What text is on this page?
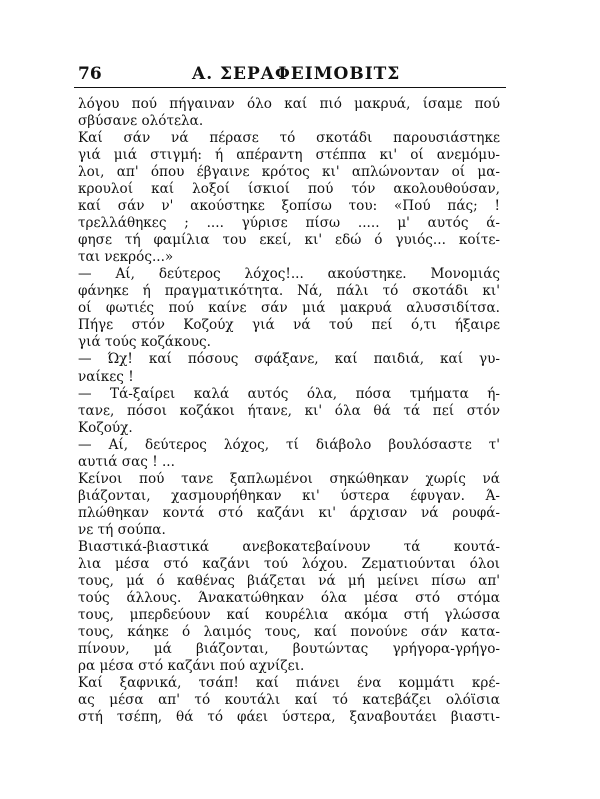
76	Α. ΣΕΡΑΦΕΙΜΟΒΙΤΣ
λόγου πού πήγαιναν όλο καί πιό μακρυά, ίσαμε πού
σβύσανε ολότελα.
Καί σάν νά πέρασε τό σκοτάδι παρουσιάστηκε
γιά μιά στιγμή: ή απέραντη στέππα κι' οί ανεμόμυ-
λοι, απ' όπου έβγαινε κρότος κι' απλώνονταν οί μα-
κρουλοί καί λοξοί ίσκιοί πού τόν ακολουθούσαν,
καί σάν ν' ακούστηκε ξοπίσω του: «Πού πάς; !
τρελλάθηκες ; .... γύρισε πίσω ..... μ' αυτός ά-
φησε τή φαμίλια του εκεί, κι' εδώ ό γυιός... κοίτε-
ται νεκρός...»
— Αί, δεύτερος λόχος!... ακούστηκε. Μονομιάς
φάνηκε ή πραγματικότητα. Νά, πάλι τό σκοτάδι κι'
οί φωτιές πού καίνε σάν μιά μακρυά αλυσσιδίτσα.
Πήγε στόν Κοζούχ γιά νά τού πεί ό,τι ήξαιρε
γιά τούς κοζάκους.
— Ώχ! καί πόσους σφάξανε, καί παιδιά, καί γυ-
ναίκες !
— Τά-ξαίρει καλά αυτός όλα, πόσα τμήματα ή-
τανε, πόσοι κοζάκοι ήτανε, κι' όλα θά τά πεί στόν
Κοζούχ.
— Αί, δεύτερος λόχος, τί διάβολο βουλόσαστε τ'
αυτιά σας ! ...
Κείνοι πού τανε ξαπλωμένοι σηκώθηκαν χωρίς νά
βιάζονται, χασμουρήθηκαν κι' ύστερα έφυγαν. Ά-
πλώθηκαν κοντά στό καζάνι κι' άρχισαν νά ρουφά-
νε τή σούπα.
Βιαστικά-βιαστικά ανεβοκατεβαίνουν τά κουτά-
λια μέσα στό καζάνι τού λόχου. Ζεματιούνται όλοι
τους, μά ό καθένας βιάζεται νά μή μείνει πίσω απ'
τούς άλλους. Άνακατώθηκαν όλα μέσα στό στόμα
τους, μπερδεύουν καί κουρέλια ακόμα στή γλώσσα
τους, κάηκε ό λαιμός τους, καί πονούνε σάν κατα-
πίνουν, μά βιάζονται, βουτώντας γρήγορα-γρήγο-
ρα μέσα στό καζάνι πού αχνίζει.
Καί ξαφνικά, τσάπ! καί πιάνει ένα κομμάτι κρέ-
ας μέσα απ' τό κουτάλι καί τό κατεβάζει ολόϊσια
στή τσέπη, θά τό φάει ύστερα, ξαναβουτάει βιαστι-
